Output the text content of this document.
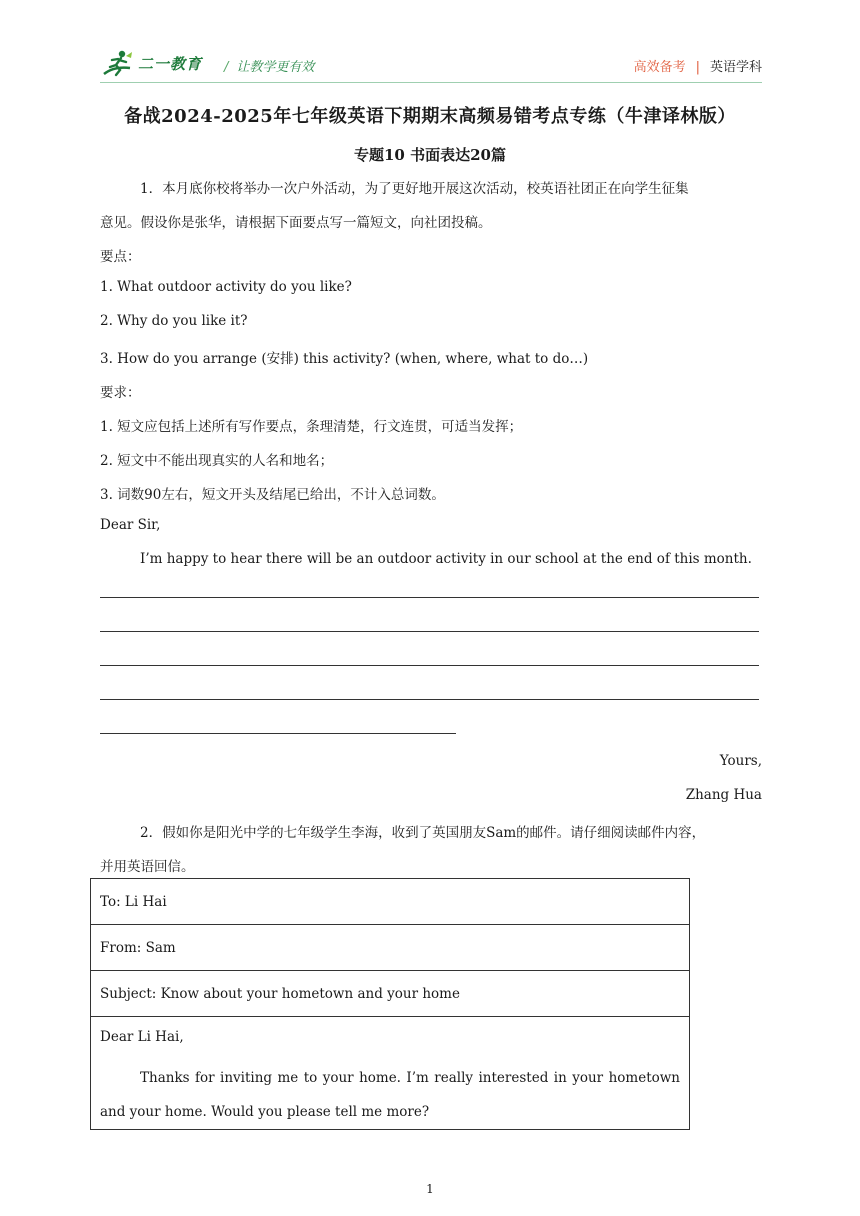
二一教育 / 让教学更有效	高效备考 | 英语学科
备战2024-2025年七年级英语下期期末高频易错考点专练（牛津译林版）
专题10 书面表达20篇
1．本月底你校将举办一次户外活动，为了更好地开展这次活动，校英语社团正在向学生征集
意见。假设你是张华，请根据下面要点写一篇短文，向社团投稿。
要点：
1. What outdoor activity do you like?
2. Why do you like it?
3. How do you arrange (安排) this activity? (when, where, what to do…)
要求：
1. 短文应包括上述所有写作要点，条理清楚，行文连贯，可适当发挥；
2. 短文中不能出现真实的人名和地名；
3. 词数90左右，短文开头及结尾已给出，不计入总词数。
Dear Sir,
I’m happy to hear there will be an outdoor activity in our school at the end of this month.
Yours,
Zhang Hua
2．假如你是阳光中学的七年级学生李海，收到了英国朋友Sam的邮件。请仔细阅读邮件内容，
并用英语回信。
To: Li Hai
From: Sam
Subject: Know about your hometown and your home

Dear Li Hai,
Thanks for inviting me to your home. I’m really interested in your hometown and your home. Would you please tell me more?
1
